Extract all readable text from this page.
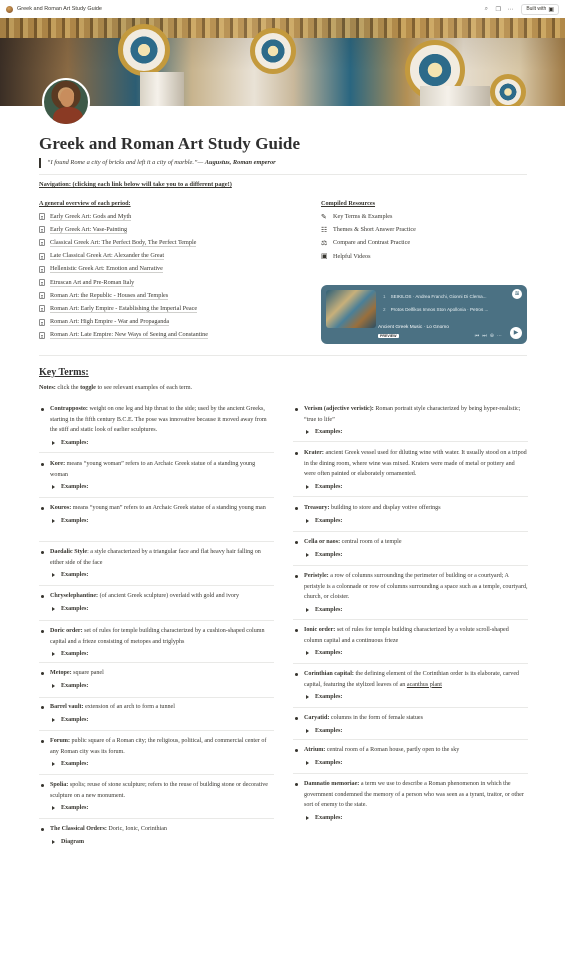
Greek and Roman Art Study Guide	⌕	❐	⋯	Built with ▣
Greek and Roman Art Study Guide
“I found Rome a city of bricks and left it a city of marble.”— Augustus, Roman emperor
Navigation: (clicking each link below will take you to a different page!)
A general overview of each period:
Early Greek Art: Gods and Myth
Early Greek Art: Vase-Painting
Classical Greek Art: The Perfect Body, The Perfect Temple
Late Classical Greek Art: Alexander the Great
Hellenistic Greek Art: Emotion and Narrative
Etruscan Art and Pre-Roman Italy
Roman Art: the Republic - Houses and Temples
Roman Art: Early Empire - Establishing the Imperial Peace
Roman Art: High Empire - War and Propaganda
Roman Art: Late Empire: New Ways of Seeing and Constantine
Compiled Resources
✎ Key Terms & Examples
☷ Themes & Short Answer Practice
⚖ Compare and Contrast Practice
▣ Helpful Videos
≋
1 SEIKILOS · Andrea Franchi, Gionni Di Clema...
2 Protos Delfikos Imnos Ston Apollonia · Petros ...
Ancient Greek Music · Lo Gnomo
PREVIEW	⏮⏭⊕⋯	▶
Key Terms:
Notes: click the toggle to see relevant examples of each term.
Contrapposto: weight on one leg and hip thrust to the side; used by the ancient Greeks, starting in the fifth century B.C.E. The pose was innovative because it moved away from the stiff and static look of earlier sculptures.
Examples:
Kore: means “young woman” refers to an Archaic Greek statue of a standing young woman
Examples:
Kouros: means “young man” refers to an Archaic Greek statue of a standing young man
Examples:
Daedalic Style: a style characterized by a triangular face and flat heavy hair falling on either side of the face
Examples:
Chryselephantine: (of ancient Greek sculpture) overlaid with gold and ivory
Examples:
Doric order: set of rules for temple building characterized by a cushion-shaped column capital and a frieze consisting of metopes and triglyphs
Examples:
Metope: square panel
Examples:
Barrel vault: extension of an arch to form a tunnel
Examples:
Forum: public square of a Roman city; the religious, political, and commercial center of any Roman city was its forum.
Examples:
Spolia: spolis; reuse of stone sculpture; refers to the reuse of building stone or decorative sculpture on a new monument.
Examples:
The Classical Orders: Doric, Ionic, Corinthian
Diagram
Verism (adjective veristic): Roman portrait style characterized by being hyper-realistic; “true to life”
Examples:
Krater: ancient Greek vessel used for diluting wine with water. It usually stood on a tripod in the dining room, where wine was mixed. Kraters were made of metal or pottery and were often painted or elaborately ornamented.
Examples:
Treasury: building to store and display votive offerings
Examples:
Cella or naos: central room of a temple
Examples:
Peristyle: a row of columns surrounding the perimeter of building or a courtyard; A peristyle is a colonnade or row of columns surrounding a space such as a temple, courtyard, church, or cloister.
Examples:
Ionic order: set of rules for temple building characterized by a volute scroll-shaped column capital and a continuous frieze
Examples:
Corinthian capital: the defining element of the Corinthian order is its elaborate, carved capital, featuring the stylized leaves of an acanthus plant
Examples:
Caryatid: columns in the form of female statues
Examples:
Atrium: central room of a Roman house, partly open to the sky
Examples:
Damnatio memoriae: a term we use to describe a Roman phenomenon in which the government condemned the memory of a person who was seen as a tyrant, traitor, or other sort of enemy to the state.
Examples:
